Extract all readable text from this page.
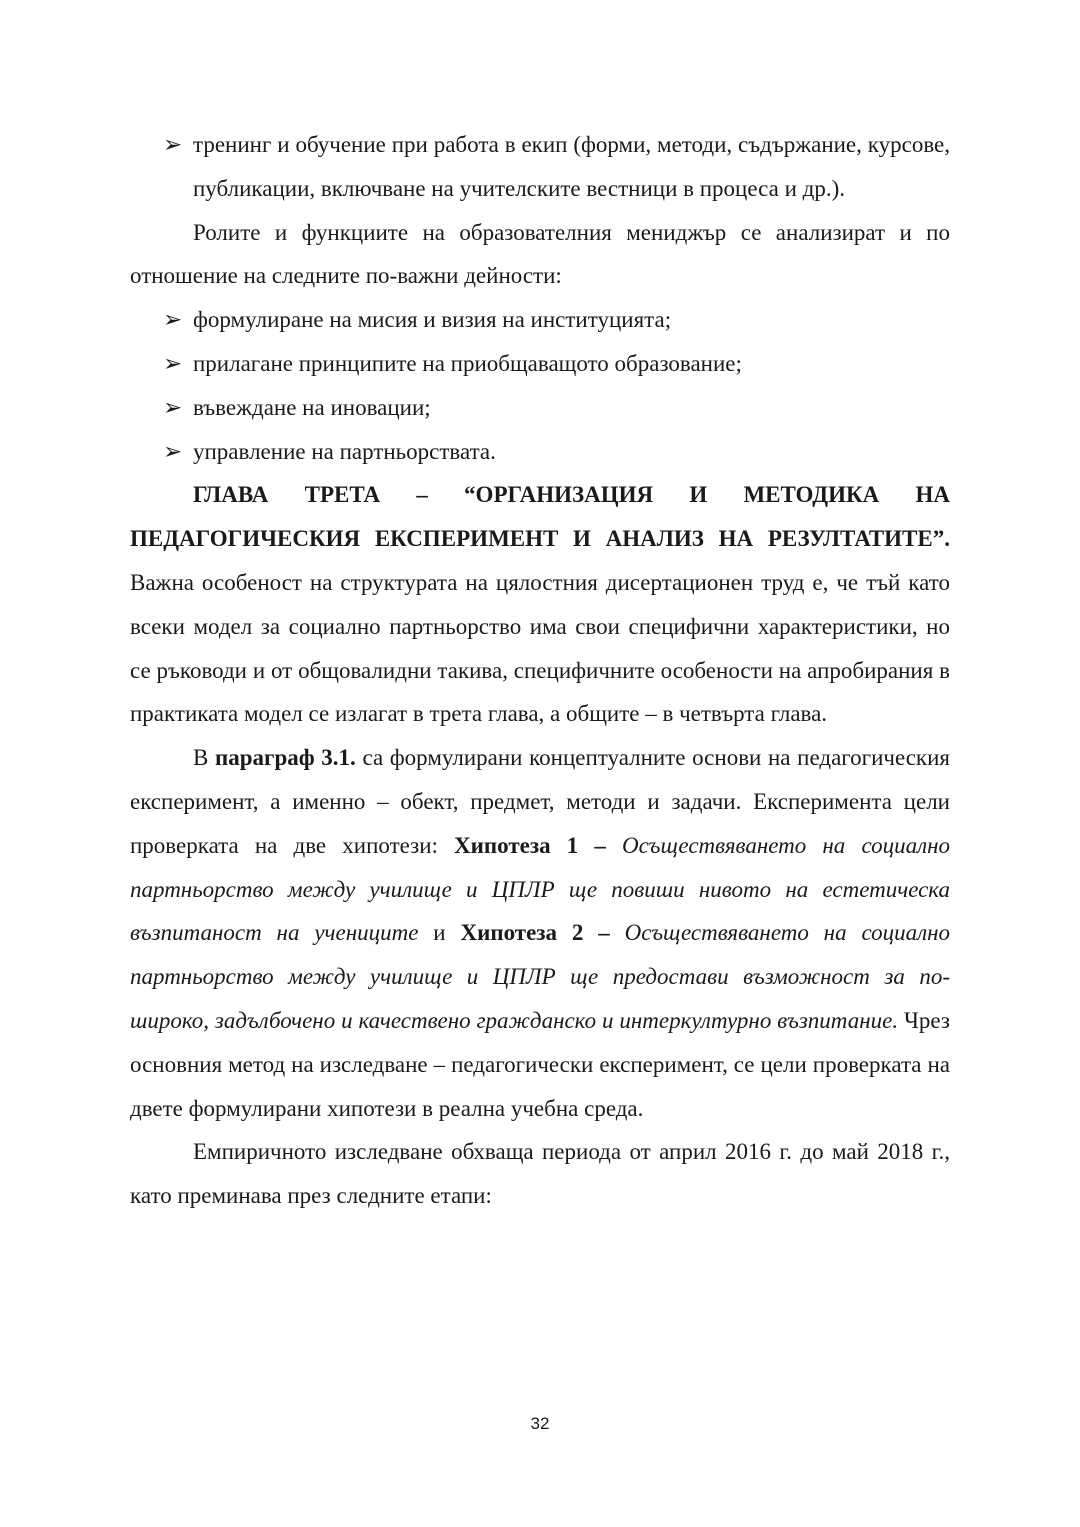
➢ тренинг и обучение при работа в екип (форми, методи, съдържание, курсове, публикации, включване на учителските вестници в процеса и др.).
Ролите и функциите на образователния мениджър се анализират и по отношение на следните по-важни дейности:
➢ формулиране на мисия и визия на институцията;
➢ прилагане принципите на приобщаващото образование;
➢ въвеждане на иновации;
➢ управление на партньорствата.
ГЛАВА ТРЕТА – “ОРГАНИЗАЦИЯ И МЕТОДИКА НА ПЕДАГОГИЧЕСКИЯ ЕКСПЕРИМЕНТ И АНАЛИЗ НА РЕЗУЛТАТИТЕ”. Важна особеност на структурата на цялостния дисертационен труд е, че тъй като всеки модел за социално партньорство има свои специфични характеристики, но се ръководи и от общовалидни такива, специфичните особености на апробирания в практиката модел се излагат в трета глава, а общите – в четвърта глава.
В параграф 3.1. са формулирани концептуалните основи на педагогическия експеримент, а именно – обект, предмет, методи и задачи. Експеримента цели проверката на две хипотези: Хипотеза 1 – Осъществяването на социално партньорство между училище и ЦПЛР ще повиши нивото на естетическа възпитаност на учениците и Хипотеза 2 – Осъществяването на социално партньорство между училище и ЦПЛР ще предостави възможност за по-широко, задълбочено и качествено гражданско и интеркултурно възпитание. Чрез основния метод на изследване – педагогически експеримент, се цели проверката на двете формулирани хипотези в реална учебна среда.
Емпиричното изследване обхваща периода от април 2016 г. до май 2018 г., като преминава през следните етапи:
32
